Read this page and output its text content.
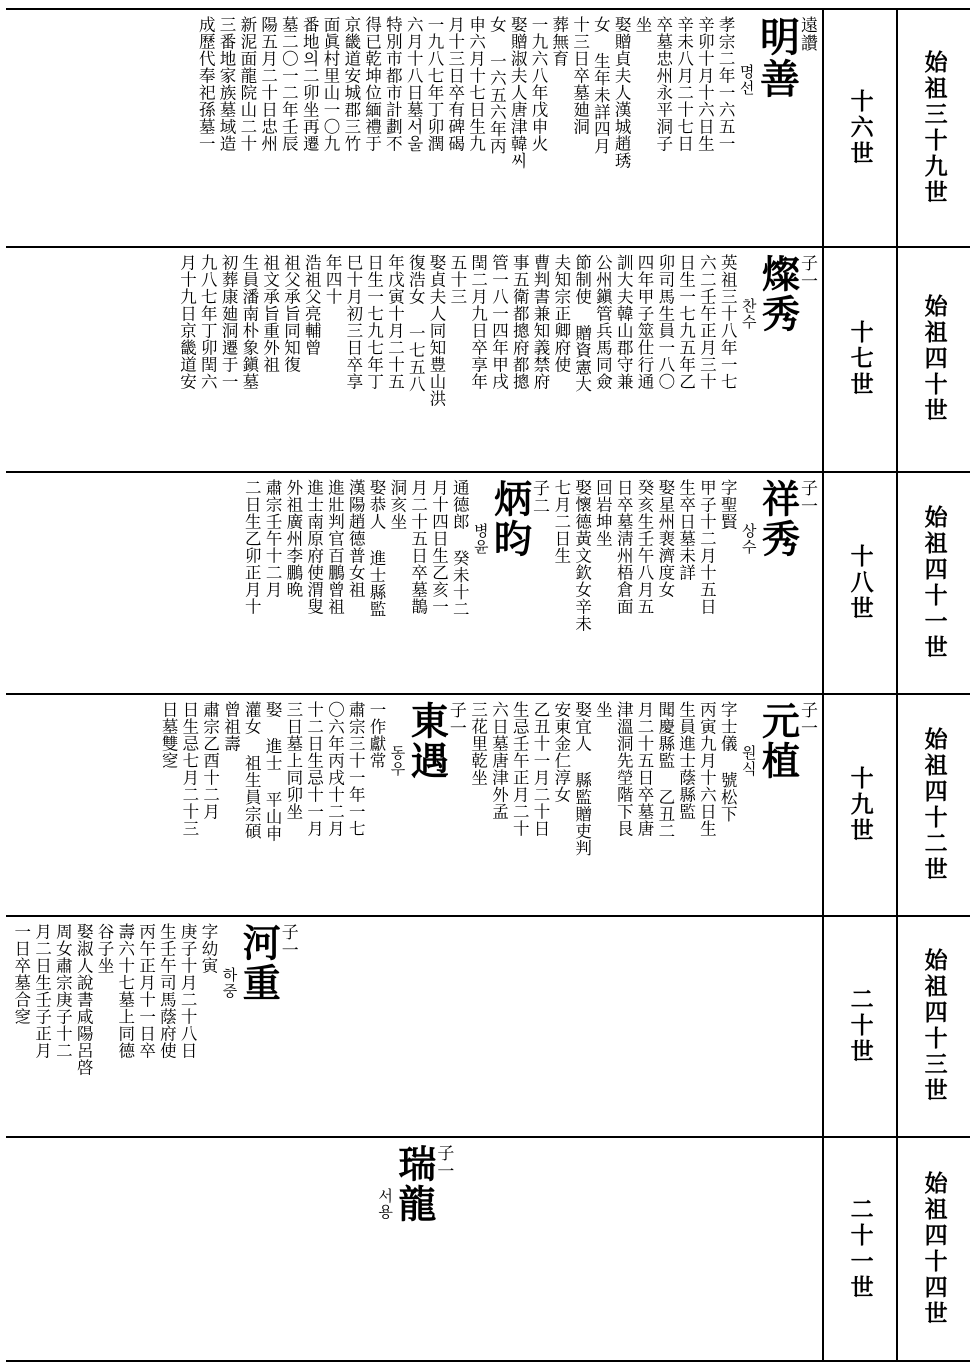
始祖三十九世
十六世
遠讚
明善
명선
孝宗二年一六五一
辛卯十月十六日生
辛未八月二十七日
卒墓忠州永平洞子
坐
娶贈貞夫人漢城趙琇
女 生年未詳四月
十三日卒墓廸洞
葬無育
一九六八年戊申火
娶贈淑夫人唐津韓씨
女 一六五六年丙
申六月十七日生九
月十三日卒有碑碣
一九八七年丁卯潤
六月十八日墓서울
特別市都市計劃不
得已乾坤位緬禮于
京畿道安城郡三竹
面眞村里山一〇九
番地의二卯坐再遷
墓二〇一二年壬辰
陽五月二十日忠州
新泥面龍院山二十
三番地家族墓域造
成歷代奉祀孫墓一
始祖四十世
十七世
子一
燦秀
찬수
英祖三十八年一七
六二壬午正月三十
日生一七九五年乙
卯司馬生員一八〇
四年甲子筮仕行通
訓大夫韓山郡守兼
公州鎭管兵馬同僉
節制使 贈資憲大
夫知宗正卿府使
曹判書兼知義禁府
事五衛都摠府都摠
管一八一四年甲戌
閏二月九日卒享年
五十三
娶貞夫人同知豊山洪
復浩女 一七五八
年戊寅十月二十五
日生一七九七年丁
巳十月初三日卒享
年四十
浩祖父亮輔曾
祖父承旨同知復
祖文承旨重外祖
生員潘南朴象鎭墓
初葬康廸洞遷于一
九八七年丁卯閏六
月十九日京畿道安
始祖四十一世
十八世
子一
祥秀
상수
字聖賢
甲子十二月十五日
生卒日墓未詳
娶星州裵濟度女
癸亥生壬午八月五
日卒墓淸州梧倉面
回岩坤坐
娶懷德黃文欽女辛未
七月二日生
子二
炳昀
병윤
通德郎 癸未十二
月十四日生乙亥一
月二十五日卒墓鵲
洞亥坐
娶恭人 進士縣監
漢陽趙德普女祖
進壯判官百鵬曾祖
進士南原府使渭叟
外祖廣州李鵬晩
肅宗壬午十二月
二日生乙卯正月十
始祖四十二世
十九世
子一
元植
원식
字士儀 號松下
丙寅九月十六日生
生員進士蔭縣監
聞慶縣監 乙丑二
月二十五日卒墓唐
津溫洞先塋階下艮
坐
娶宜人 縣監贈吏判
安東金仁淳女
乙丑十一月二十日
生忌壬午正月二十
六日墓唐津外孟
三花里乾坐
子一
東遇
동우
一作獻常
肅宗三十一年一七
〇六年丙戌十二月
十二日生忌十一月
三日墓上同卯坐
娶 進士 平山申
灌女 祖生員宗碩
曾祖壽
肅宗乙酉十二月
日生忌七月二十三
日墓雙窆
始祖四十三世
二十世
子一
河重
하중
字幼寅
庚子十月二十八日
生壬午司馬蔭府使
丙午正月十一日卒
壽六十七墓上同德
谷子坐
娶淑人說書咸陽呂啓
周女肅宗庚子十二
月二日生壬子正月
一日卒墓合窆
始祖四十四世
二十一世
子一
瑞龍
서용
